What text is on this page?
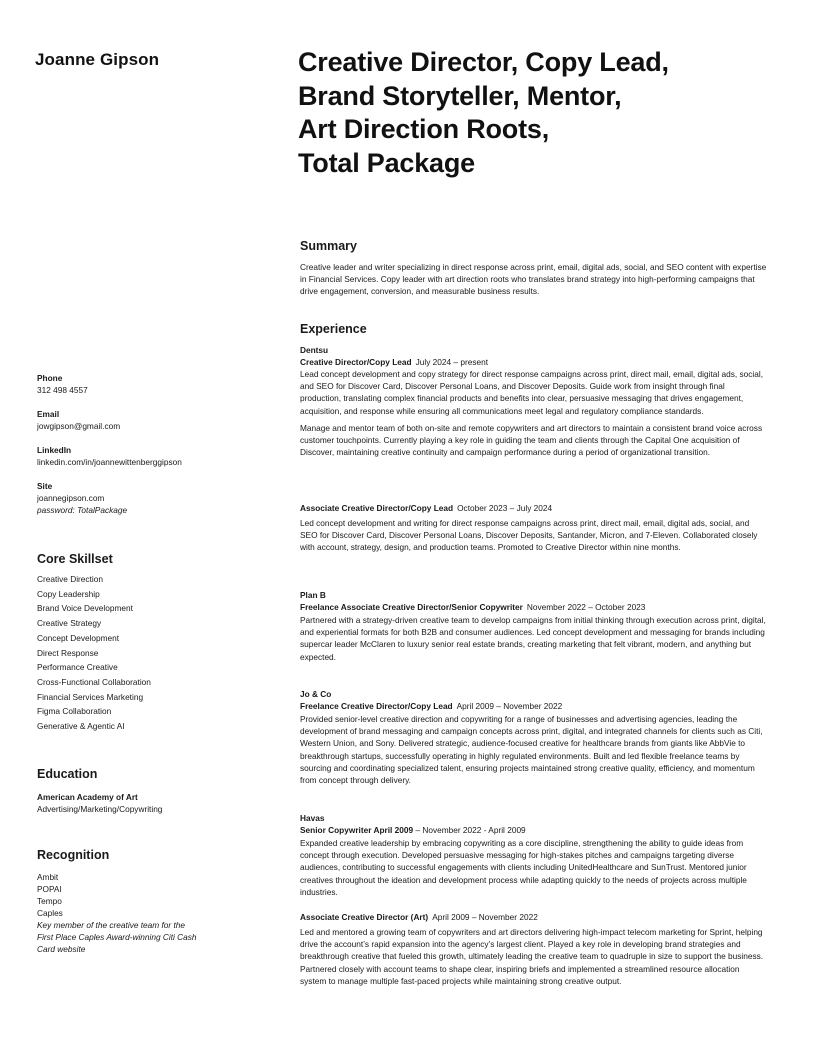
Joanne Gipson	Creative Director, Copy Lead,
Brand Storyteller, Mentor,
Art Direction Roots,
Total Package
Phone
312 498 4557
Email
jowgipson@gmail.com
LinkedIn
linkedin.com/in/joannewittenberggipson
Site
joannegipson.com
password: TotalPackage
Core Skillset
Creative Direction
Copy Leadership
Brand Voice Development
Creative Strategy
Concept Development
Direct Response
Performance Creative
Cross-Functional Collaboration
Financial Services Marketing
Figma Collaboration
Generative & Agentic AI
Education
American Academy of Art
Advertising/Marketing/Copywriting
Recognition
Ambit
POPAI
Tempo
Caples
Key member of the creative team for the First Place Caples Award-winning Citi Cash Card website
Summary

Creative leader and writer specializing in direct response across print, email, digital ads, social, and SEO content with expertise in Financial Services. Copy leader with art direction roots who translates brand strategy into high-performing campaigns that drive engagement, conversion, and measurable business results.

Experience
Dentsu
Creative Director/Copy Lead July 2024 – present

Lead concept development and copy strategy for direct response campaigns across print, direct mail, email, digital ads, social, and SEO for Discover Card, Discover Personal Loans, and Discover Deposits. Guide work from insight through final production, translating complex financial products and benefits into clear, persuasive messaging that drives engagement, acquisition, and response while ensuring all communications meet legal and regulatory compliance standards.

Manage and mentor team of both on-site and remote copywriters and art directors to maintain a consistent brand voice across customer touchpoints. Currently playing a key role in guiding the team and clients through the Capital One acquisition of Discover, maintaining creative continuity and campaign performance during a period of organizational transition.

Associate Creative Director/Copy Lead October 2023 – July 2024

Led concept development and writing for direct response campaigns across print, direct mail, email, digital ads, social, and SEO for Discover Card, Discover Personal Loans, Discover Deposits, Santander, Micron, and 7-Eleven. Collaborated closely with account, strategy, design, and production teams. Promoted to Creative Director within nine months.

Plan B
Freelance Associate Creative Director/Senior Copywriter November 2022 – October 2023

Partnered with a strategy-driven creative team to develop campaigns from initial thinking through execution across print, digital, and experiential formats for both B2B and consumer audiences. Led concept development and messaging for brands including supercar leader McClaren to luxury senior real estate brands, creating marketing that felt vibrant, modern, and anything but expected.

Jo & Co
Freelance Creative Director/Copy Lead April 2009 – November 2022

Provided senior-level creative direction and copywriting for a range of businesses and advertising agencies, leading the development of brand messaging and campaign concepts across print, digital, and integrated channels for clients such as Citi, Western Union, and Sony. Delivered strategic, audience-focused creative for healthcare brands from giants like AbbVie to breakthrough startups, successfully operating in highly regulated environments. Built and led flexible freelance teams by sourcing and coordinating specialized talent, ensuring projects maintained strong creative quality, efficiency, and momentum from concept through delivery.

Havas
Senior Copywriter April 2009 – November 2022 - April 2009

Expanded creative leadership by embracing copywriting as a core discipline, strengthening the ability to guide ideas from concept through execution. Developed persuasive messaging for high-stakes pitches and campaigns targeting diverse audiences, contributing to successful engagements with clients including UnitedHealthcare and SunTrust. Mentored junior creatives throughout the ideation and development process while adapting quickly to the needs of projects across multiple industries.

Associate Creative Director (Art) April 2009 – November 2022

Led and mentored a growing team of copywriters and art directors delivering high-impact telecom marketing for Sprint, helping drive the account’s rapid expansion into the agency’s largest client. Played a key role in developing brand strategies and breakthrough creative that fueled this growth, ultimately leading the creative team to quadruple in size to support the business. Partnered closely with account teams to shape clear, inspiring briefs and implemented a streamlined resource allocation system to manage multiple fast-paced projects while maintaining strong creative output.
